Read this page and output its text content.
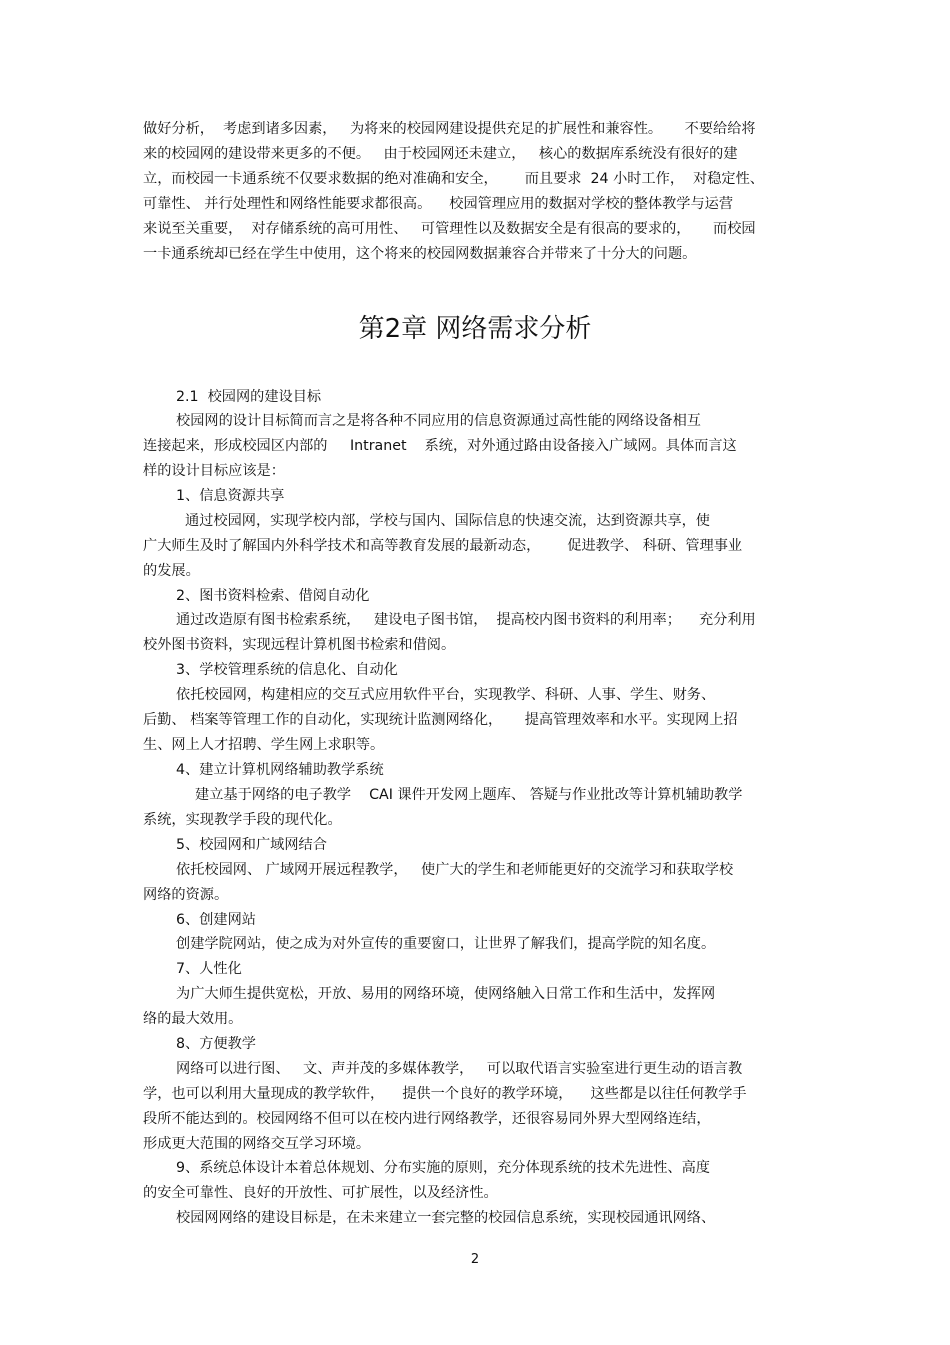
做好分析，  考虑到诸多因素，   为将来的校园网建设提供充足的扩展性和兼容性。     不要给给将
来的校园网的建设带来更多的不便。   由于校园网还未建立，   核心的数据库系统没有很好的建
立，而校园一卡通系统不仅要求数据的绝对准确和安全，      而且要求  24 小时工作，  对稳定性、
可靠性、 并行处理性和网络性能要求都很高。    校园管理应用的数据对学校的整体教学与运营
来说至关重要，  对存储系统的高可用性、   可管理性以及数据安全是有很高的要求的，     而校园
一卡通系统却已经在学生中使用，这个将来的校园网数据兼容合并带来了十分大的问题。
第2章 网络需求分析
2.1  校园网的建设目标
校园网的设计目标简而言之是将各种不同应用的信息资源通过高性能的网络设备相互
连接起来，形成校园区内部的     Intranet    系统，对外通过路由设备接入广域网。具体而言这
样的设计目标应该是：
1、信息资源共享
通过校园网，实现学校内部，学校与国内、国际信息的快速交流，达到资源共享，使
广大师生及时了解国内外科学技术和高等教育发展的最新动态，      促进教学、 科研、管理事业
的发展。
2、图书资料检索、借阅自动化
通过改造原有图书检索系统，   建设电子图书馆，  提高校内图书资料的利用率；    充分利用
校外图书资料，实现远程计算机图书检索和借阅。
3、学校管理系统的信息化、自动化
依托校园网，构建相应的交互式应用软件平台，实现教学、科研、人事、学生、财务、
后勤、 档案等管理工作的自动化，实现统计监测网络化，     提高管理效率和水平。实现网上招
生、网上人才招聘、学生网上求职等。
4、建立计算机网络辅助教学系统
建立基于网络的电子教学    CAI 课件开发网上题库、 答疑与作业批改等计算机辅助教学
系统，实现教学手段的现代化。
5、校园网和广域网结合
依托校园网、 广域网开展远程教学，   使广大的学生和老师能更好的交流学习和获取学校
网络的资源。
6、创建网站
创建学院网站，使之成为对外宣传的重要窗口，让世界了解我们，提高学院的知名度。
7、人性化
为广大师生提供宽松，开放、易用的网络环境，使网络触入日常工作和生活中，发挥网
络的最大效用。
8、方便教学
网络可以进行图、   文、声并茂的多媒体教学，   可以取代语言实验室进行更生动的语言教
学，也可以利用大量现成的教学软件，    提供一个良好的教学环境，    这些都是以往任何教学手
段所不能达到的。校园网络不但可以在校内进行网络教学，还很容易同外界大型网络连结，
形成更大范围的网络交互学习环境。
9、系统总体设计本着总体规划、分布实施的原则，充分体现系统的技术先进性、高度
的安全可靠性、良好的开放性、可扩展性，以及经济性。
校园网网络的建设目标是，在未来建立一套完整的校园信息系统，实现校园通讯网络、
2
